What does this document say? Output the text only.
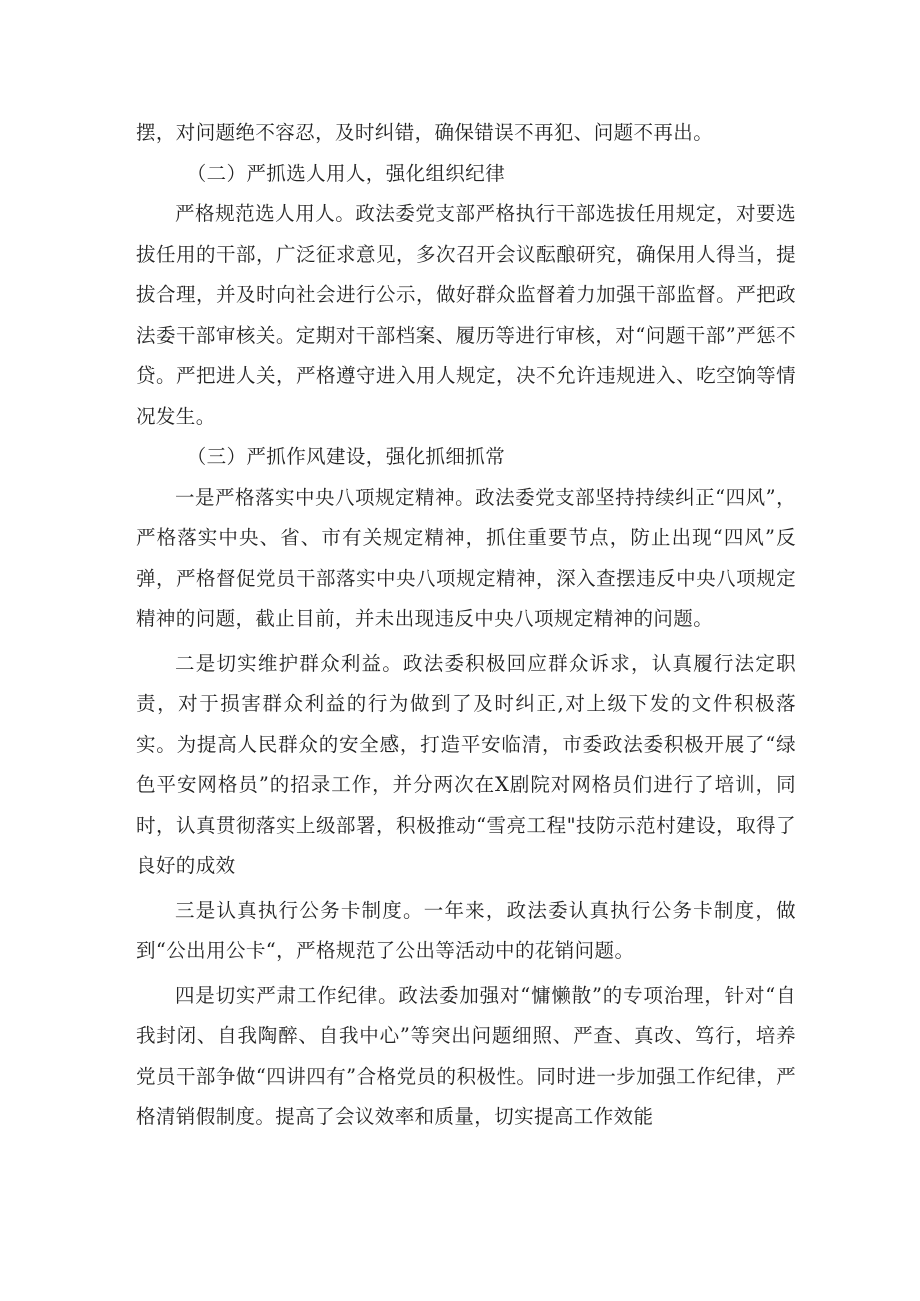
摆，对问题绝不容忍，及时纠错，确保错误不再犯、问题不再出。

（二）严抓选人用人，强化组织纪律

严格规范选人用人。政法委党支部严格执行干部选拔任用规定，对要选拔任用的干部，广泛征求意见，多次召开会议酝酿研究，确保用人得当，提拔合理，并及时向社会进行公示，做好群众监督着力加强干部监督。严把政法委干部审核关。定期对干部档案、履历等进行审核，对“问题干部”严惩不贷。严把进人关，严格遵守进入用人规定，决不允许违规进入、吃空饷等情况发生。

（三）严抓作风建设，强化抓细抓常

一是严格落实中央八项规定精神。政法委党支部坚持持续纠正“四风”，严格落实中央、省、市有关规定精神，抓住重要节点，防止出现“四风”反弹，严格督促党员干部落实中央八项规定精神，深入查摆违反中央八项规定精神的问题，截止目前，并未出现违反中央八项规定精神的问题。

二是切实维护群众利益。政法委积极回应群众诉求，认真履行法定职责，对于损害群众利益的行为做到了及时纠正,对上级下发的文件积极落实。为提高人民群众的安全感，打造平安临清，市委政法委积极开展了“绿色平安网格员”的招录工作，并分两次在X剧院对网格员们进行了培训，同时，认真贯彻落实上级部署，积极推动“雪亮工程"技防示范村建设，取得了良好的成效

三是认真执行公务卡制度。一年来，政法委认真执行公务卡制度，做到“公出用公卡“，严格规范了公出等活动中的花销问题。

四是切实严肃工作纪律。政法委加强对“慵懒散”的专项治理，针对“自我封闭、自我陶醉、自我中心”等突出问题细照、严查、真改、笃行，培养党员干部争做“四讲四有”合格党员的积极性。同时进一步加强工作纪律，严格清销假制度。提高了会议效率和质量，切实提高工作效能
